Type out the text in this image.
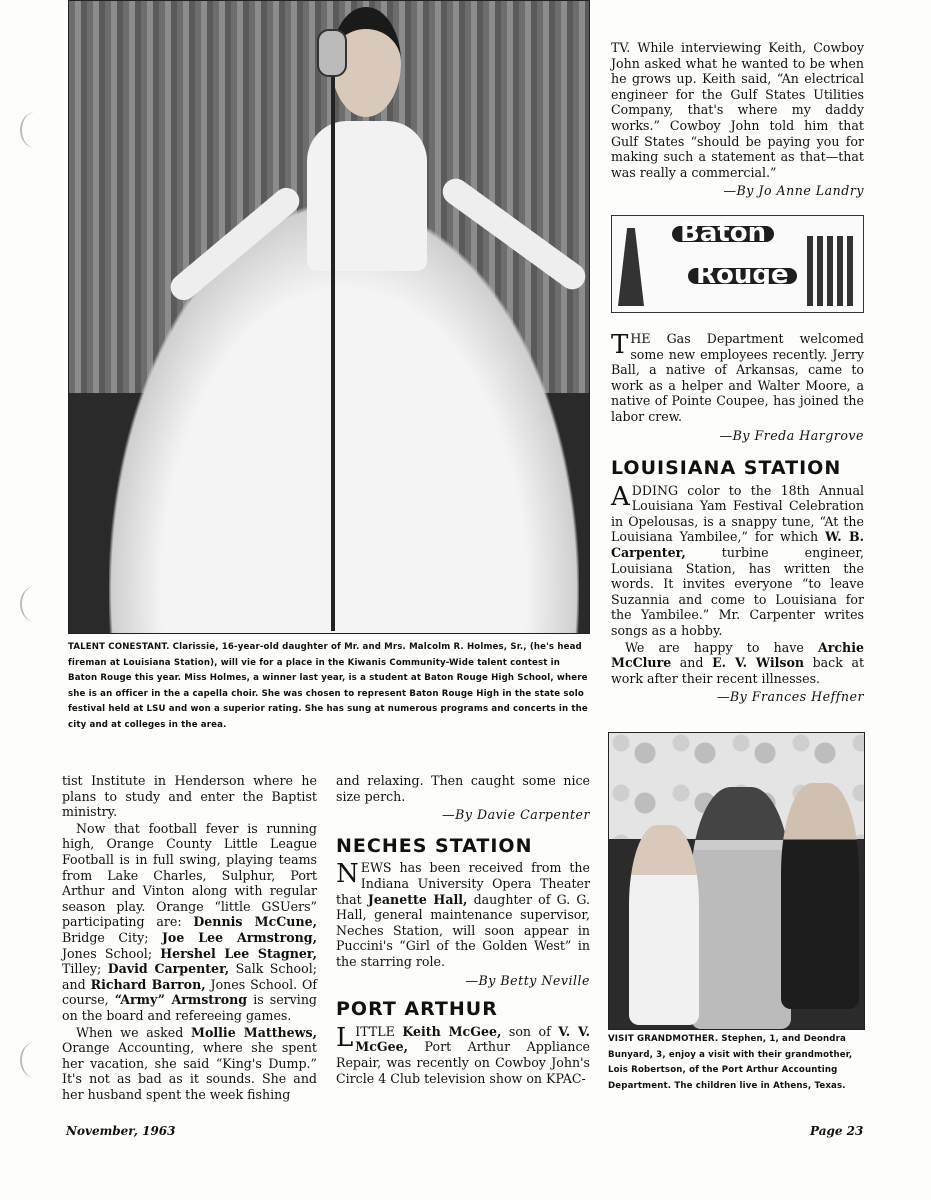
TALENT CONESTANT. Clarissie, 16-year-old daughter of Mr. and Mrs. Malcolm R. Holmes, Sr., (he's head fireman at Louisiana Station), will vie for a place in the Kiwanis Community-Wide talent contest in Baton Rouge this year. Miss Holmes, a winner last year, is a student at Baton Rouge High School, where she is an officer in the a capella choir. She was chosen to represent Baton Rouge High in the state solo festival held at LSU and won a superior rating. She has sung at numerous programs and concerts in the city and at colleges in the area.

tist Institute in Henderson where he plans to study and enter the Baptist ministry.

Now that football fever is running high, Orange County Little League Football is in full swing, playing teams from Lake Charles, Sulphur, Port Arthur and Vinton along with regular season play. Orange “little GSUers” participating are: Dennis McCune, Bridge City; Joe Lee Armstrong, Jones School; Hershel Lee Stagner, Tilley; David Carpenter, Salk School; and Richard Barron, Jones School. Of course, “Army” Armstrong is serving on the board and refereeing games.

When we asked Mollie Matthews, Orange Accounting, where she spent her vacation, she said “King's Dump.” It's not as bad as it sounds. She and her husband spent the week fishing

and relaxing. Then caught some nice size perch.

—By Davie Carpenter
NECHES STATION

NEWS has been received from the Indiana University Opera Theater that Jeanette Hall, daughter of G. G. Hall, general maintenance supervisor, Neches Station, will soon appear in Puccini's “Girl of the Golden West” in the starring role.

—By Betty Neville
PORT ARTHUR

LITTLE Keith McGee, son of V. V. McGee, Port Arthur Appliance Repair, was recently on Cowboy John's Circle 4 Club television show on KPAC-

TV. While interviewing Keith, Cowboy John asked what he wanted to be when he grows up. Keith said, “An electrical engineer for the Gulf States Utilities Company, that's where my daddy works.” Cowboy John told him that Gulf States “should be paying you for making such a statement as that—that was really a commercial.”

—By Jo Anne Landry
Baton
Rouge

THE Gas Department welcomed some new employees recently. Jerry Ball, a native of Arkansas, came to work as a helper and Walter Moore, a native of Pointe Coupee, has joined the labor crew.

—By Freda Hargrove
LOUISIANA STATION

ADDING color to the 18th Annual Louisiana Yam Festival Celebration in Opelousas, is a snappy tune, “At the Louisiana Yambilee,” for which W. B. Carpenter, turbine engineer, Louisiana Station, has written the words. It invites everyone “to leave Suzannia and come to Louisiana for the Yambilee.” Mr. Carpenter writes songs as a hobby.

We are happy to have Archie McClure and E. V. Wilson back at work after their recent illnesses.

—By Frances Heffner
VISIT GRANDMOTHER. Stephen, 1, and Deondra Bunyard, 3, enjoy a visit with their grandmother, Lois Robertson, of the Port Arthur Accounting Department. The children live in Athens, Texas.
November, 1963	Page 23
